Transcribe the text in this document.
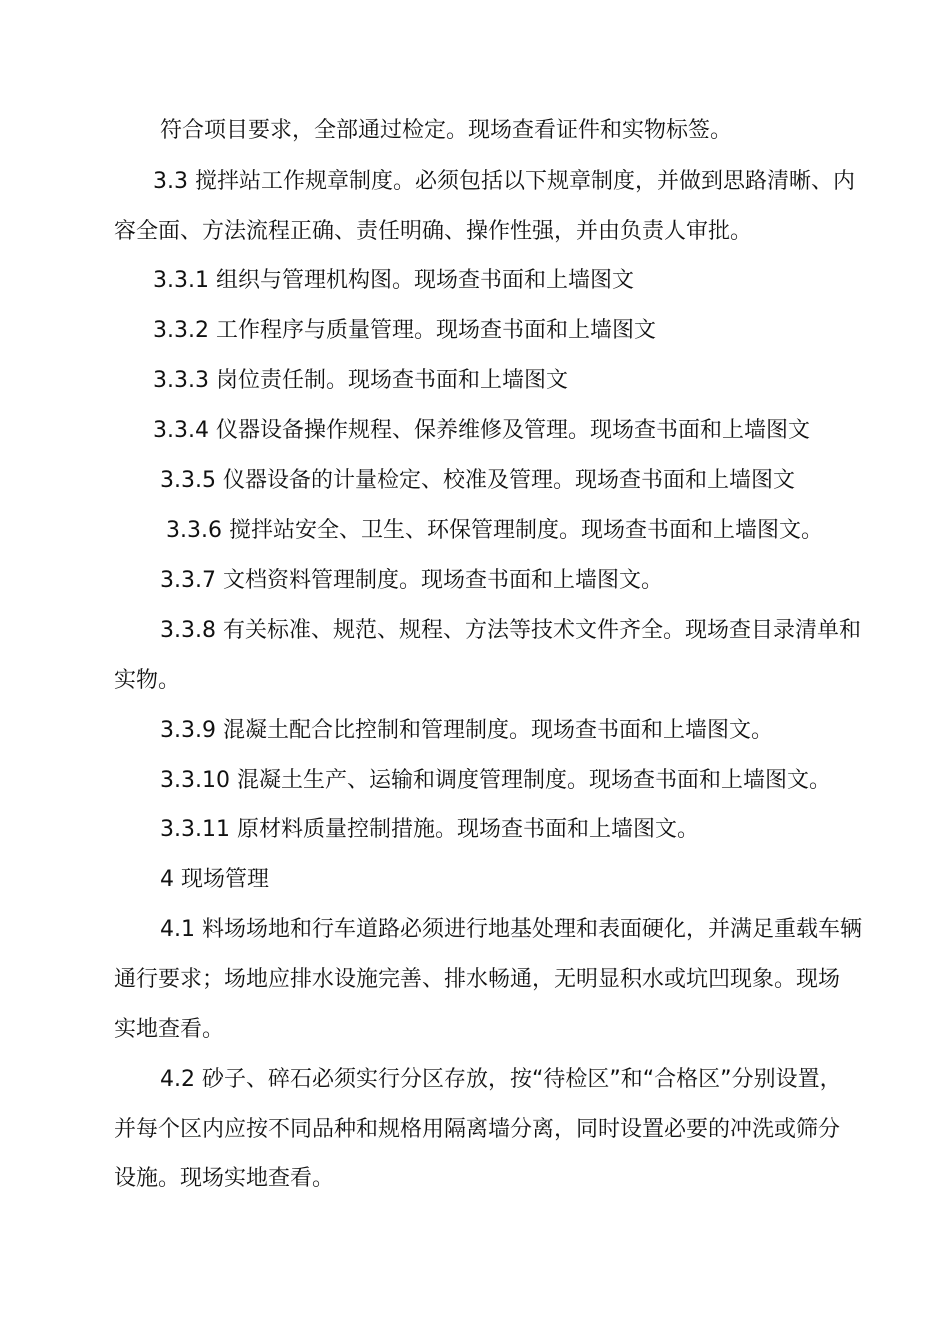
符合项目要求，全部通过检定。现场查看证件和实物标签。
3.3 搅拌站工作规章制度。必须包括以下规章制度，并做到思路清晰、内
容全面、方法流程正确、责任明确、操作性强，并由负责人审批。
3.3.1 组织与管理机构图。现场查书面和上墙图文
3.3.2 工作程序与质量管理。现场查书面和上墙图文
3.3.3 岗位责任制。现场查书面和上墙图文
3.3.4 仪器设备操作规程、保养维修及管理。现场查书面和上墙图文
3.3.5 仪器设备的计量检定、校准及管理。现场查书面和上墙图文
3.3.6 搅拌站安全、卫生、环保管理制度。现场查书面和上墙图文。
3.3.7 文档资料管理制度。现场查书面和上墙图文。
3.3.8 有关标准、规范、规程、方法等技术文件齐全。现场查目录清单和
实物。
3.3.9 混凝土配合比控制和管理制度。现场查书面和上墙图文。
3.3.10 混凝土生产、运输和调度管理制度。现场查书面和上墙图文。
3.3.11 原材料质量控制措施。现场查书面和上墙图文。
4 现场管理
4.1 料场场地和行车道路必须进行地基处理和表面硬化，并满足重载车辆
通行要求；场地应排水设施完善、排水畅通，无明显积水或坑凹现象。现场
实地查看。
4.2 砂子、碎石必须实行分区存放，按“待检区”和“合格区”分别设置，
并每个区内应按不同品种和规格用隔离墙分离，同时设置必要的冲洗或筛分
设施。现场实地查看。
